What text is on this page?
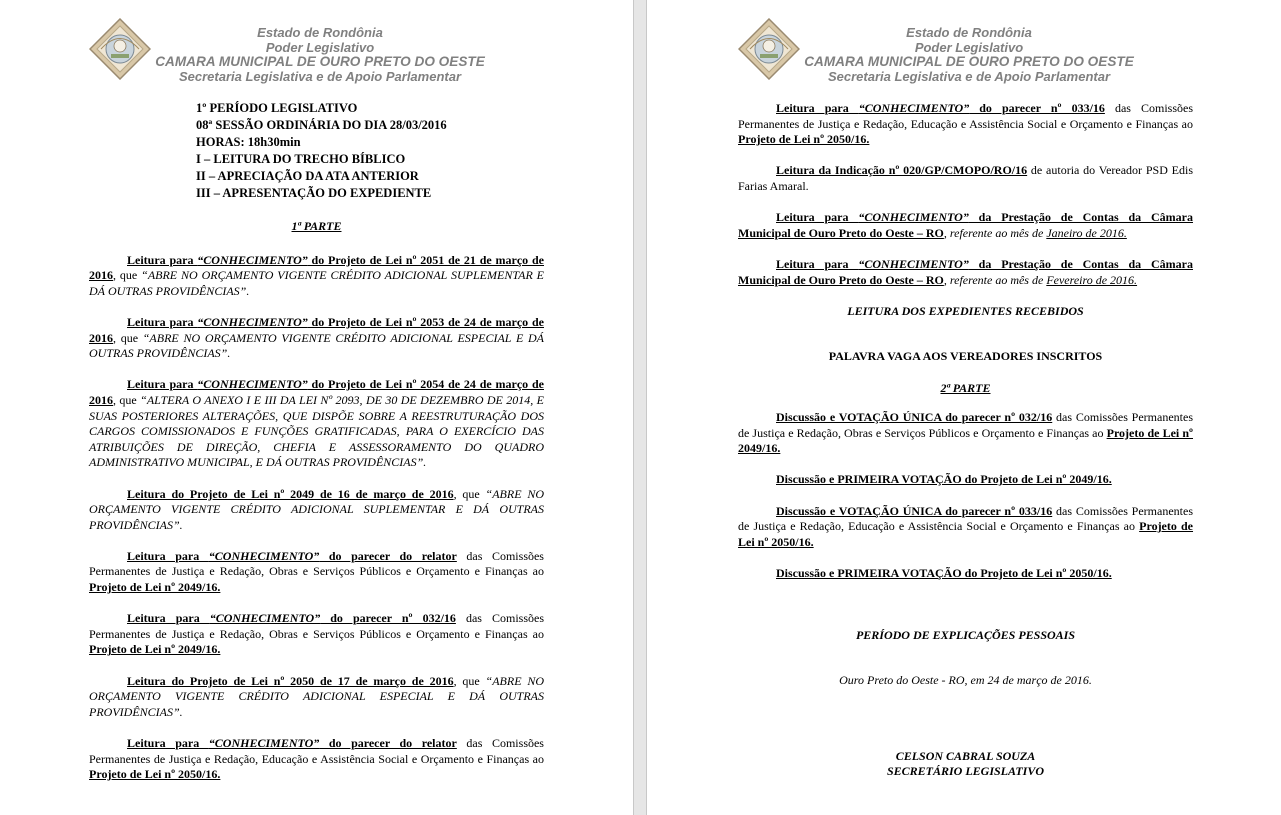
Estado de Rondônia
Poder Legislativo
CAMARA MUNICIPAL DE OURO PRETO DO OESTE
Secretaria Legislativa e de Apoio Parlamentar
1º PERÍODO LEGISLATIVO
08ª SESSÃO ORDINÁRIA DO DIA 28/03/2016
HORAS: 18h30min
I – LEITURA DO TRECHO BÍBLICO
II – APRECIAÇÃO DA ATA ANTERIOR
III – APRESENTAÇÃO DO EXPEDIENTE

1ª PARTE

Leitura para “CONHECIMENTO” do Projeto de Lei nº 2051 de 21 de março de 2016, que “ABRE NO ORÇAMENTO VIGENTE CRÉDITO ADICIONAL SUPLEMENTAR E DÁ OUTRAS PROVIDÊNCIAS”.

Leitura para “CONHECIMENTO” do Projeto de Lei nº 2053 de 24 de março de 2016, que “ABRE NO ORÇAMENTO VIGENTE CRÉDITO ADICIONAL ESPECIAL E DÁ OUTRAS PROVIDÊNCIAS”.

Leitura para “CONHECIMENTO” do Projeto de Lei nº 2054 de 24 de março de 2016, que “ALTERA O ANEXO I E III DA LEI Nº 2093, DE 30 DE DEZEMBRO DE 2014, E SUAS POSTERIORES ALTERAÇÕES, QUE DISPÕE SOBRE A REESTRUTURAÇÃO DOS CARGOS COMISSIONADOS E FUNÇÕES GRATIFICADAS, PARA O EXERCÍCIO DAS ATRIBUIÇÕES DE DIREÇÃO, CHEFIA E ASSESSORAMENTO DO QUADRO ADMINISTRATIVO MUNICIPAL, E DÁ OUTRAS PROVIDÊNCIAS”.

Leitura do Projeto de Lei nº 2049 de 16 de março de 2016, que “ABRE NO ORÇAMENTO VIGENTE CRÉDITO ADICIONAL SUPLEMENTAR E DÁ OUTRAS PROVIDÊNCIAS”.

Leitura para “CONHECIMENTO” do parecer do relator das Comissões Permanentes de Justiça e Redação, Obras e Serviços Públicos e Orçamento e Finanças ao Projeto de Lei nº 2049/16.

Leitura para “CONHECIMENTO” do parecer nº 032/16 das Comissões Permanentes de Justiça e Redação, Obras e Serviços Públicos e Orçamento e Finanças ao Projeto de Lei nº 2049/16.

Leitura do Projeto de Lei nº 2050 de 17 de março de 2016, que “ABRE NO ORÇAMENTO VIGENTE CRÉDITO ADICIONAL ESPECIAL E DÁ OUTRAS PROVIDÊNCIAS”.

Leitura para “CONHECIMENTO” do parecer do relator das Comissões Permanentes de Justiça e Redação, Educação e Assistência Social e Orçamento e Finanças ao Projeto de Lei nº 2050/16.

Estado de Rondônia
Poder Legislativo
CAMARA MUNICIPAL DE OURO PRETO DO OESTE
Secretaria Legislativa e de Apoio Parlamentar

Leitura para “CONHECIMENTO” do parecer nº 033/16 das Comissões Permanentes de Justiça e Redação, Educação e Assistência Social e Orçamento e Finanças ao Projeto de Lei nº 2050/16.

Leitura da Indicação nº 020/GP/CMOPO/RO/16 de autoria do Vereador PSD Edis Farias Amaral.

Leitura para “CONHECIMENTO” da Prestação de Contas da Câmara Municipal de Ouro Preto do Oeste – RO, referente ao mês de Janeiro de 2016.

Leitura para “CONHECIMENTO” da Prestação de Contas da Câmara Municipal de Ouro Preto do Oeste – RO, referente ao mês de Fevereiro de 2016.

LEITURA DOS EXPEDIENTES RECEBIDOS

PALAVRA VAGA AOS VEREADORES INSCRITOS

2ª PARTE

Discussão e VOTAÇÃO ÚNICA do parecer nº 032/16 das Comissões Permanentes de Justiça e Redação, Obras e Serviços Públicos e Orçamento e Finanças ao Projeto de Lei nº 2049/16.

Discussão e PRIMEIRA VOTAÇÃO do Projeto de Lei nº 2049/16.

Discussão e VOTAÇÃO ÚNICA do parecer nº 033/16 das Comissões Permanentes de Justiça e Redação, Educação e Assistência Social e Orçamento e Finanças ao Projeto de Lei nº 2050/16.

Discussão e PRIMEIRA VOTAÇÃO do Projeto de Lei nº 2050/16.

PERÍODO DE EXPLICAÇÕES PESSOAIS

Ouro Preto do Oeste - RO, em 24 de março de 2016.

CELSON CABRAL SOUZA
SECRETÁRIO LEGISLATIVO
